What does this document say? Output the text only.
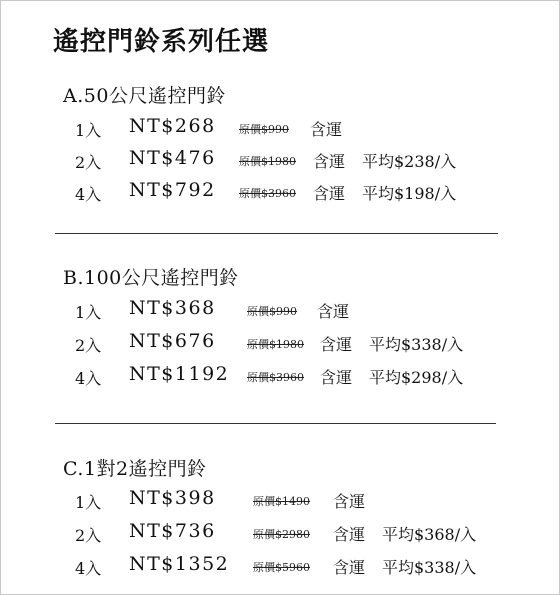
遙控門鈴系列任選
A.50公尺遙控門鈴
1入 NT$268 原價$990 含運
2入 NT$476 原價$1980 含運 平均$238/入
4入 NT$792 原價$3960 含運 平均$198/入
B.100公尺遙控門鈴
1入 NT$368	原價$990 含運
2入 NT$676	原價$1980 含運 平均$338/入
4入 NT$1192 原價$3960 含運 平均$298/入
C.1對2遙控門鈴
1入 NT$398	原價$1490 含運
2入 NT$736	原價$2980 含運 平均$368/入
4入 NT$1352 原價$5960 含運 平均$338/入
